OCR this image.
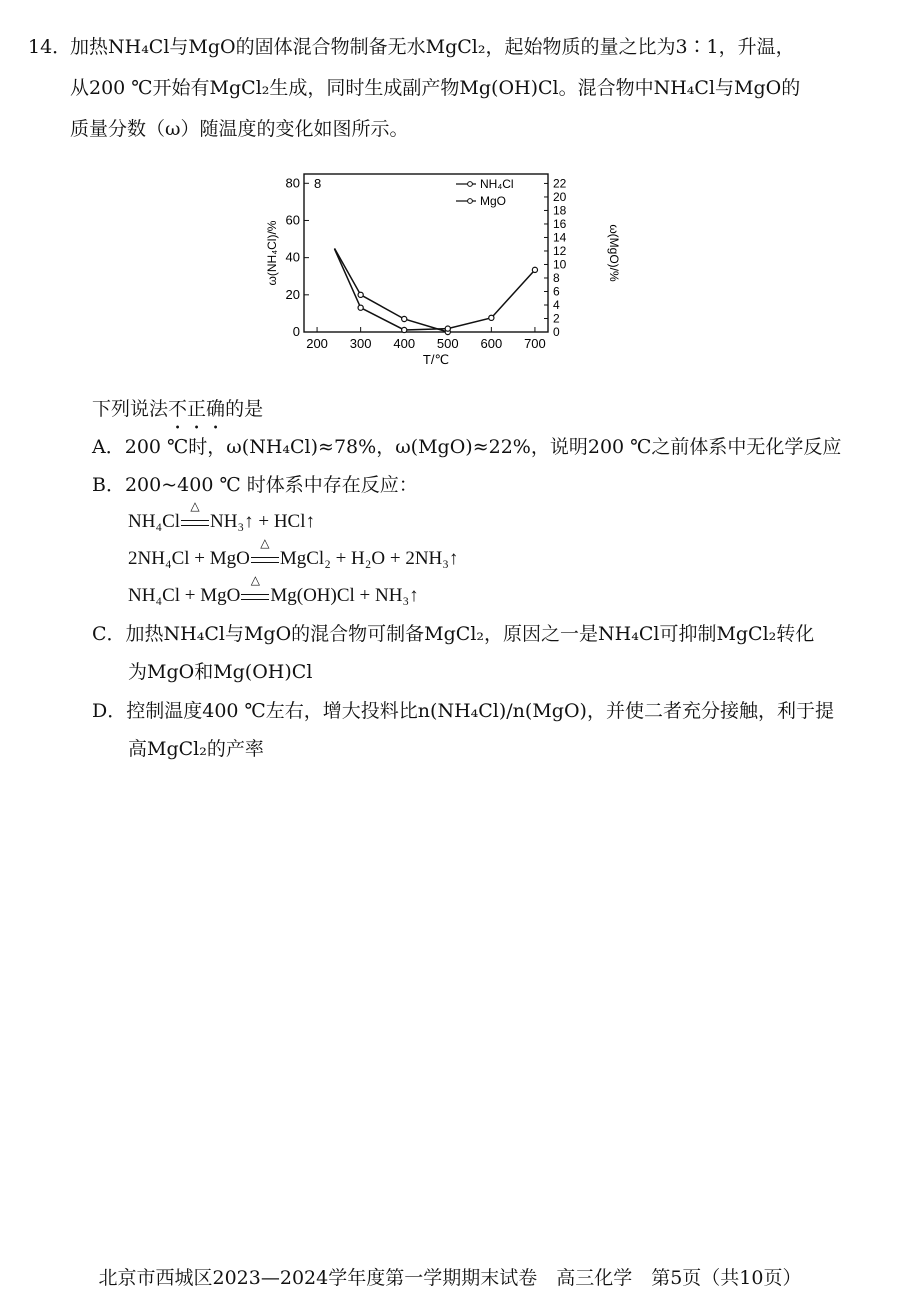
14．
加热NH₄Cl与MgO的固体混合物制备无水MgCl₂，起始物质的量之比为3∶1，升温，
从200 ℃开始有MgCl₂生成，同时生成副产物Mg(OH)Cl。混合物中NH₄Cl与MgO的
质量分数（ω）随温度的变化如图所示。
200 300 400 500 600 700
0
20
40
60
80
0
2
4
6
8
10
12
14
16
18
20
22
NH₄Cl
MgO
T/℃
ω(NH₄Cl)/%	ω(MgO)/%
8
下列说法不正确的是
A．200 ℃时，ω(NH₄Cl)≈78%，ω(MgO)≈22%，说明200 ℃之前体系中无化学反应
B．200~400 ℃ 时体系中存在反应：
NH₄Cl
△
NH₃↑ + HCl↑
2NH₄Cl + MgO
△
MgCl₂ + H₂O + 2NH₃↑
NH₄Cl + MgO
△
Mg(OH)Cl + NH₃↑
C．加热NH₄Cl与MgO的混合物可制备MgCl₂，原因之一是NH₄Cl可抑制MgCl₂转化
为MgO和Mg(OH)Cl
D．控制温度400 ℃左右，增大投料比n(NH₄Cl)/n(MgO)，并使二者充分接触，利于提
高MgCl₂的产率
北京市西城区2023—2024学年度第一学期期末试卷　高三化学　第5页（共10页）
